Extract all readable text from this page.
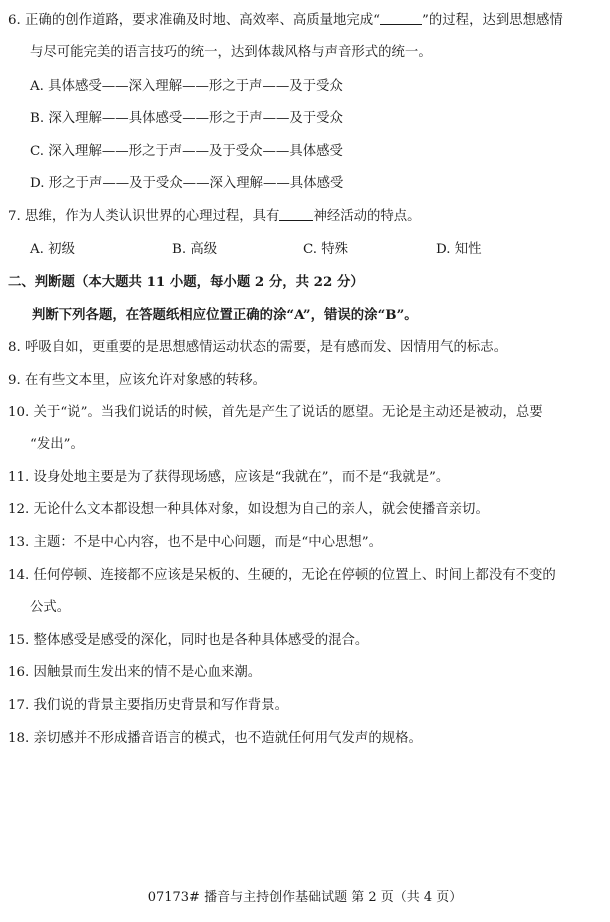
6. 正确的创作道路，要求准确及时地、高效率、高质量地完成“	”的过程，达到思想感情
与尽可能完美的语言技巧的统一，达到体裁风格与声音形式的统一。
A. 具体感受——深入理解——形之于声——及于受众
B. 深入理解——具体感受——形之于声——及于受众
C. 深入理解——形之于声——及于受众——具体感受
D. 形之于声——及于受众——深入理解——具体感受
7. 思维，作为人类认识世界的心理过程，具有	神经活动的特点。
A. 初级	B. 高级	C. 特殊	D. 知性
二、判断题（本大题共 11 小题，每小题 2 分，共 22 分）
判断下列各题，在答题纸相应位置正确的涂“A”，错误的涂“B”。
8. 呼吸自如，更重要的是思想感情运动状态的需要，是有感而发、因情用气的标志。
9. 在有些文本里，应该允许对象感的转移。
10. 关于“说”。当我们说话的时候，首先是产生了说话的愿望。无论是主动还是被动，总要
“发出”。
11. 设身处地主要是为了获得现场感，应该是“我就在”，而不是“我就是”。
12. 无论什么文本都设想一种具体对象，如设想为自己的亲人，就会使播音亲切。
13. 主题：不是中心内容，也不是中心问题，而是“中心思想”。
14. 任何停顿、连接都不应该是呆板的、生硬的，无论在停顿的位置上、时间上都没有不变的
公式。
15. 整体感受是感受的深化，同时也是各种具体感受的混合。
16. 因触景而生发出来的情不是心血来潮。
17. 我们说的背景主要指历史背景和写作背景。
18. 亲切感并不形成播音语言的模式，也不造就任何用气发声的规格。
07173# 播音与主持创作基础试题 第 2 页（共 4 页）
